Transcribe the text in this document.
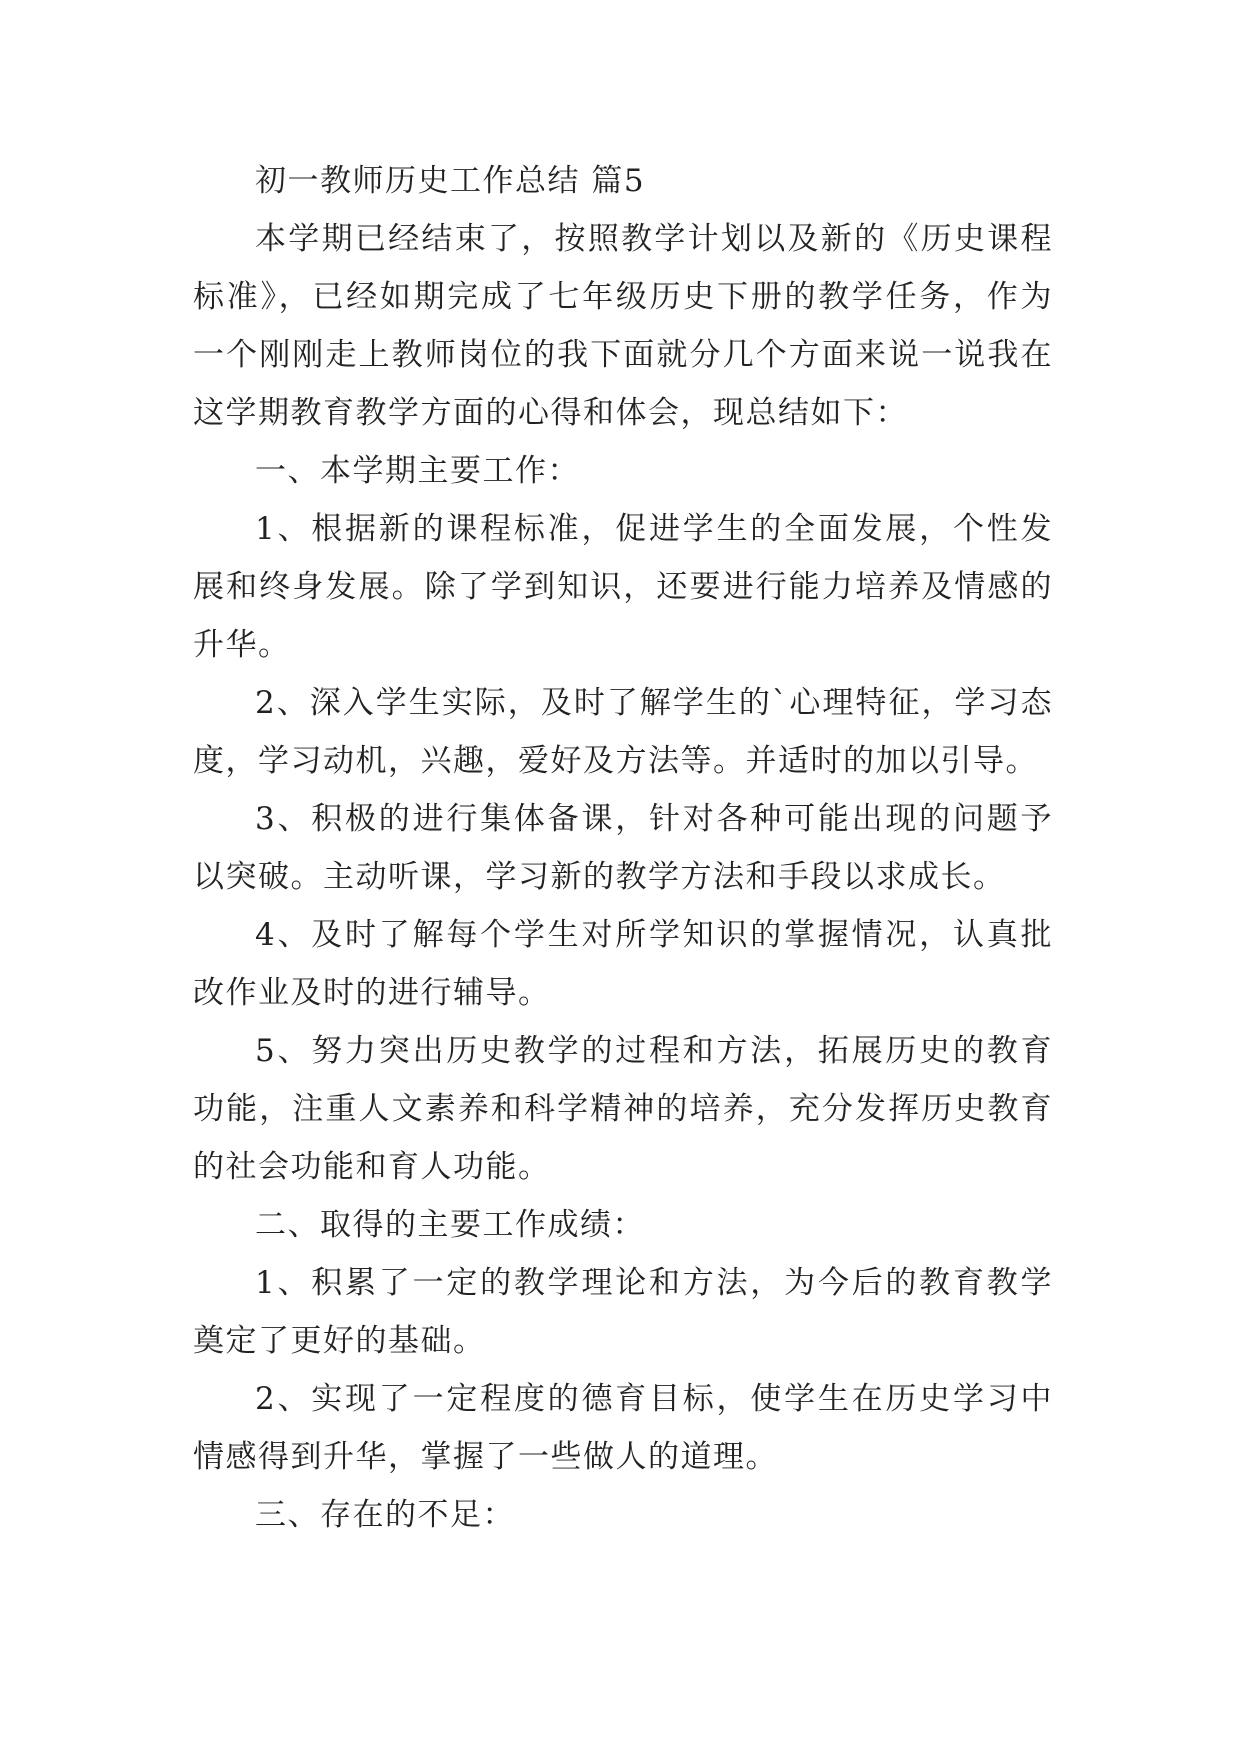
初一教师历史工作总结 篇5

本学期已经结束了，按照教学计划以及新的《历史课程标准》，已经如期完成了七年级历史下册的教学任务，作为一个刚刚走上教师岗位的我下面就分几个方面来说一说我在这学期教育教学方面的心得和体会，现总结如下：

一、本学期主要工作：

1、根据新的课程标准，促进学生的全面发展，个性发展和终身发展。除了学到知识，还要进行能力培养及情感的升华。

2、深入学生实际，及时了解学生的`心理特征，学习态度，学习动机，兴趣，爱好及方法等。并适时的加以引导。

3、积极的进行集体备课，针对各种可能出现的问题予以突破。主动听课，学习新的教学方法和手段以求成长。

4、及时了解每个学生对所学知识的掌握情况，认真批改作业及时的进行辅导。

5、努力突出历史教学的过程和方法，拓展历史的教育功能，注重人文素养和科学精神的培养，充分发挥历史教育的社会功能和育人功能。

二、取得的主要工作成绩：

1、积累了一定的教学理论和方法，为今后的教育教学奠定了更好的基础。

2、实现了一定程度的德育目标，使学生在历史学习中情感得到升华，掌握了一些做人的道理。

三、存在的不足：
